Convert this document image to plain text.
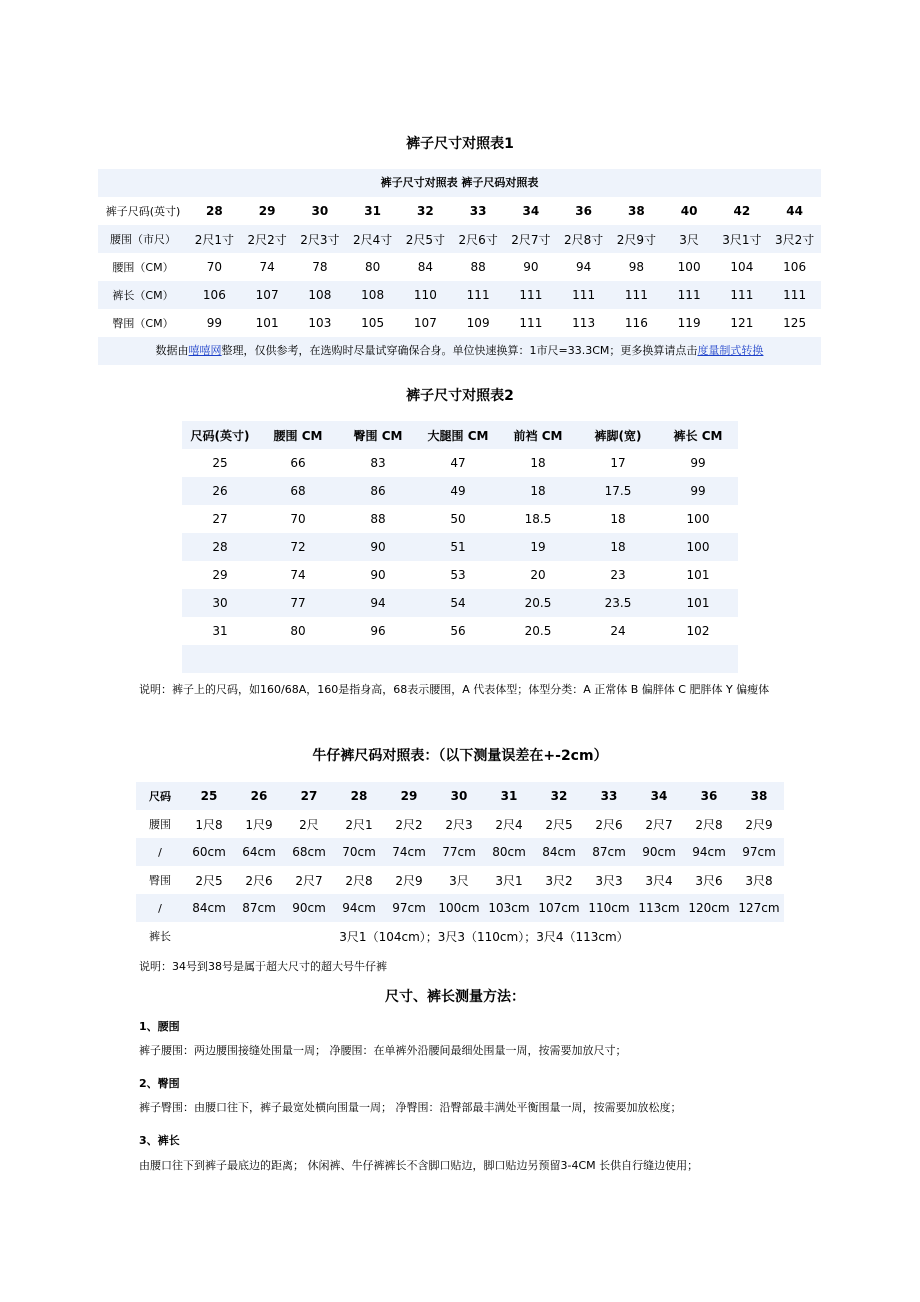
裤子尺寸对照表1
裤子尺寸对照表 裤子尺码对照表
裤子尺码(英寸)	28	29	30	31	32	33	34	36	38	40	42	44
腰围（市尺）	2尺1寸	2尺2寸	2尺3寸	2尺4寸	2尺5寸	2尺6寸	2尺7寸	2尺8寸	2尺9寸	3尺	3尺1寸	3尺2寸
腰围（CM）	70	74	78	80	84	88	90	94	98	100	104	106
裤长（CM）	106	107	108	108	110	111	111	111	111	111	111	111
臀围（CM）	99	101	103	105	107	109	111	113	116	119	121	125
数据由嘻嘻网整理，仅供参考，在选购时尽量试穿确保合身。单位快速换算：1市尺=33.3CM；更多换算请点击度量制式转换
裤子尺寸对照表2
尺码(英寸)	腰围 CM	臀围 CM	大腿围 CM	前裆 CM	裤脚(宽)	裤长 CM
25	66	83	47	18	17	99
26	68	86	49	18	17.5	99
27	70	88	50	18.5	18	100
28	72	90	51	19	18	100
29	74	90	53	20	23	101
30	77	94	54	20.5	23.5	101
31	80	96	56	20.5	24	102

说明：裤子上的尺码，如160/68A，160是指身高，68表示腰围，A 代表体型；体型分类：A 正常体 B 偏胖体 C 肥胖体 Y 偏瘦体
牛仔裤尺码对照表：（以下测量误差在+-2cm）
尺码	25	26	27	28	29	30	31	32	33	34	36	38
腰围	1尺8	1尺9	2尺	2尺1	2尺2	2尺3	2尺4	2尺5	2尺6	2尺7	2尺8	2尺9
/	60cm	64cm	68cm	70cm	74cm	77cm	80cm	84cm	87cm	90cm	94cm	97cm
臀围	2尺5	2尺6	2尺7	2尺8	2尺9	3尺	3尺1	3尺2	3尺3	3尺4	3尺6	3尺8
/	84cm	87cm	90cm	94cm	97cm	100cm	103cm	107cm	110cm	113cm	120cm	127cm
裤长	3尺1（104cm）；3尺3（110cm）；3尺4（113cm）											
说明：34号到38号是属于超大尺寸的超大号牛仔裤
尺寸、裤长测量方法：
1、腰围
裤子腰围：两边腰围接缝处围量一周； 净腰围：在单裤外沿腰间最细处围量一周，按需要加放尺寸；
2、臀围
裤子臀围：由腰口往下，裤子最宽处横向围量一周； 净臀围：沿臀部最丰满处平衡围量一周，按需要加放松度；
3、裤长
由腰口往下到裤子最底边的距离； 休闲裤、牛仔裤裤长不含脚口贴边，脚口贴边另预留3-4CM 长供自行缝边使用；
